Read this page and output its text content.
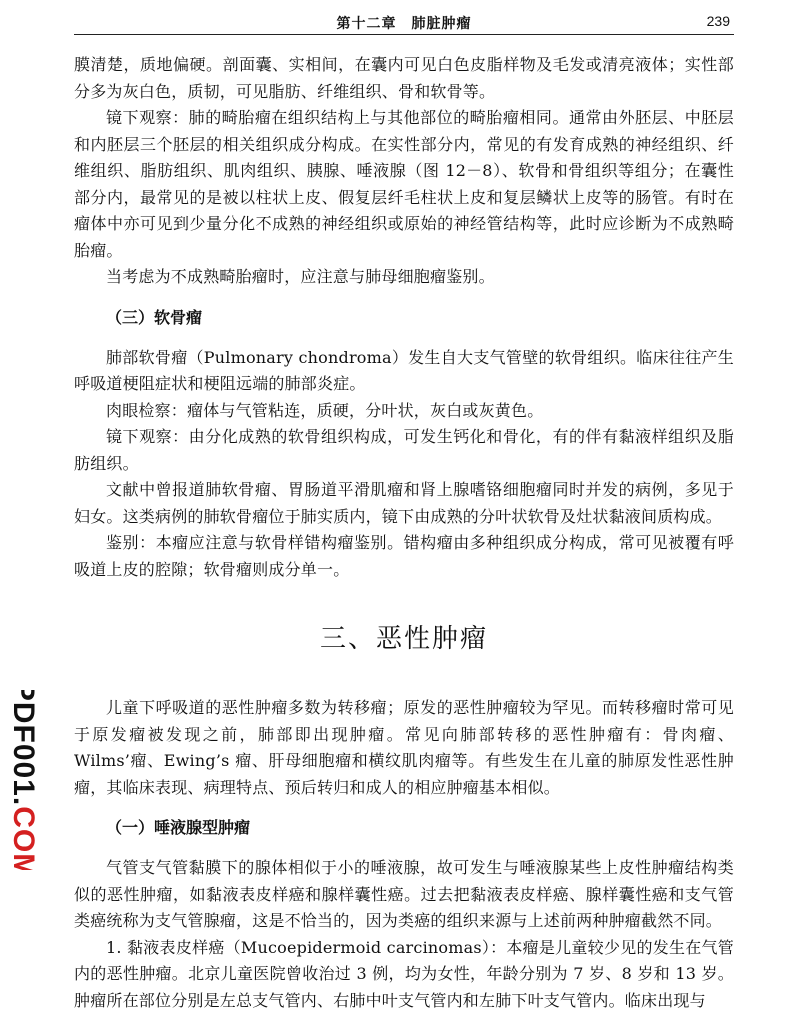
第十二章　肺脏肿瘤	239
PDF001.COM

膜清楚，质地偏硬。剖面囊、实相间，在囊内可见白色皮脂样物及毛发或清亮液体；实性部分多为灰白色，质韧，可见脂肪、纤维组织、骨和软骨等。

镜下观察：肺的畸胎瘤在组织结构上与其他部位的畸胎瘤相同。通常由外胚层、中胚层和内胚层三个胚层的相关组织成分构成。在实性部分内，常见的有发育成熟的神经组织、纤维组织、脂肪组织、肌肉组织、胰腺、唾液腺（图 12－8）、软骨和骨组织等组分；在囊性部分内，最常见的是被以柱状上皮、假复层纤毛柱状上皮和复层鳞状上皮等的肠管。有时在瘤体中亦可见到少量分化不成熟的神经组织或原始的神经管结构等，此时应诊断为不成熟畸胎瘤。

当考虑为不成熟畸胎瘤时，应注意与肺母细胞瘤鉴别。

（三）软骨瘤

肺部软骨瘤（Pulmonary chondroma）发生自大支气管壁的软骨组织。临床往往产生呼吸道梗阻症状和梗阻远端的肺部炎症。

肉眼检察：瘤体与气管粘连，质硬，分叶状，灰白或灰黄色。

镜下观察：由分化成熟的软骨组织构成，可发生钙化和骨化，有的伴有黏液样组织及脂肪组织。

文献中曾报道肺软骨瘤、胃肠道平滑肌瘤和肾上腺嗜铬细胞瘤同时并发的病例，多见于妇女。这类病例的肺软骨瘤位于肺实质内，镜下由成熟的分叶状软骨及灶状黏液间质构成。

鉴别：本瘤应注意与软骨样错构瘤鉴别。错构瘤由多种组织成分构成，常可见被覆有呼吸道上皮的腔隙；软骨瘤则成分单一。

三、恶性肿瘤

儿童下呼吸道的恶性肿瘤多数为转移瘤；原发的恶性肿瘤较为罕见。而转移瘤时常可见于原发瘤被发现之前，肺部即出现肿瘤。常见向肺部转移的恶性肿瘤有：骨肉瘤、Wilms’瘤、Ewing’s 瘤、肝母细胞瘤和横纹肌肉瘤等。有些发生在儿童的肺原发性恶性肿瘤，其临床表现、病理特点、预后转归和成人的相应肿瘤基本相似。

（一）唾液腺型肿瘤

气管支气管黏膜下的腺体相似于小的唾液腺，故可发生与唾液腺某些上皮性肿瘤结构类似的恶性肿瘤，如黏液表皮样癌和腺样囊性癌。过去把黏液表皮样癌、腺样囊性癌和支气管类癌统称为支气管腺瘤，这是不恰当的，因为类癌的组织来源与上述前两种肿瘤截然不同。

1. 黏液表皮样癌（Mucoepidermoid carcinomas）：本瘤是儿童较少见的发生在气管内的恶性肿瘤。北京儿童医院曾收治过 3 例，均为女性，年龄分别为 7 岁、8 岁和 13 岁。肿瘤所在部位分别是左总支气管内、右肺中叶支气管内和左肺下叶支气管内。临床出现与
